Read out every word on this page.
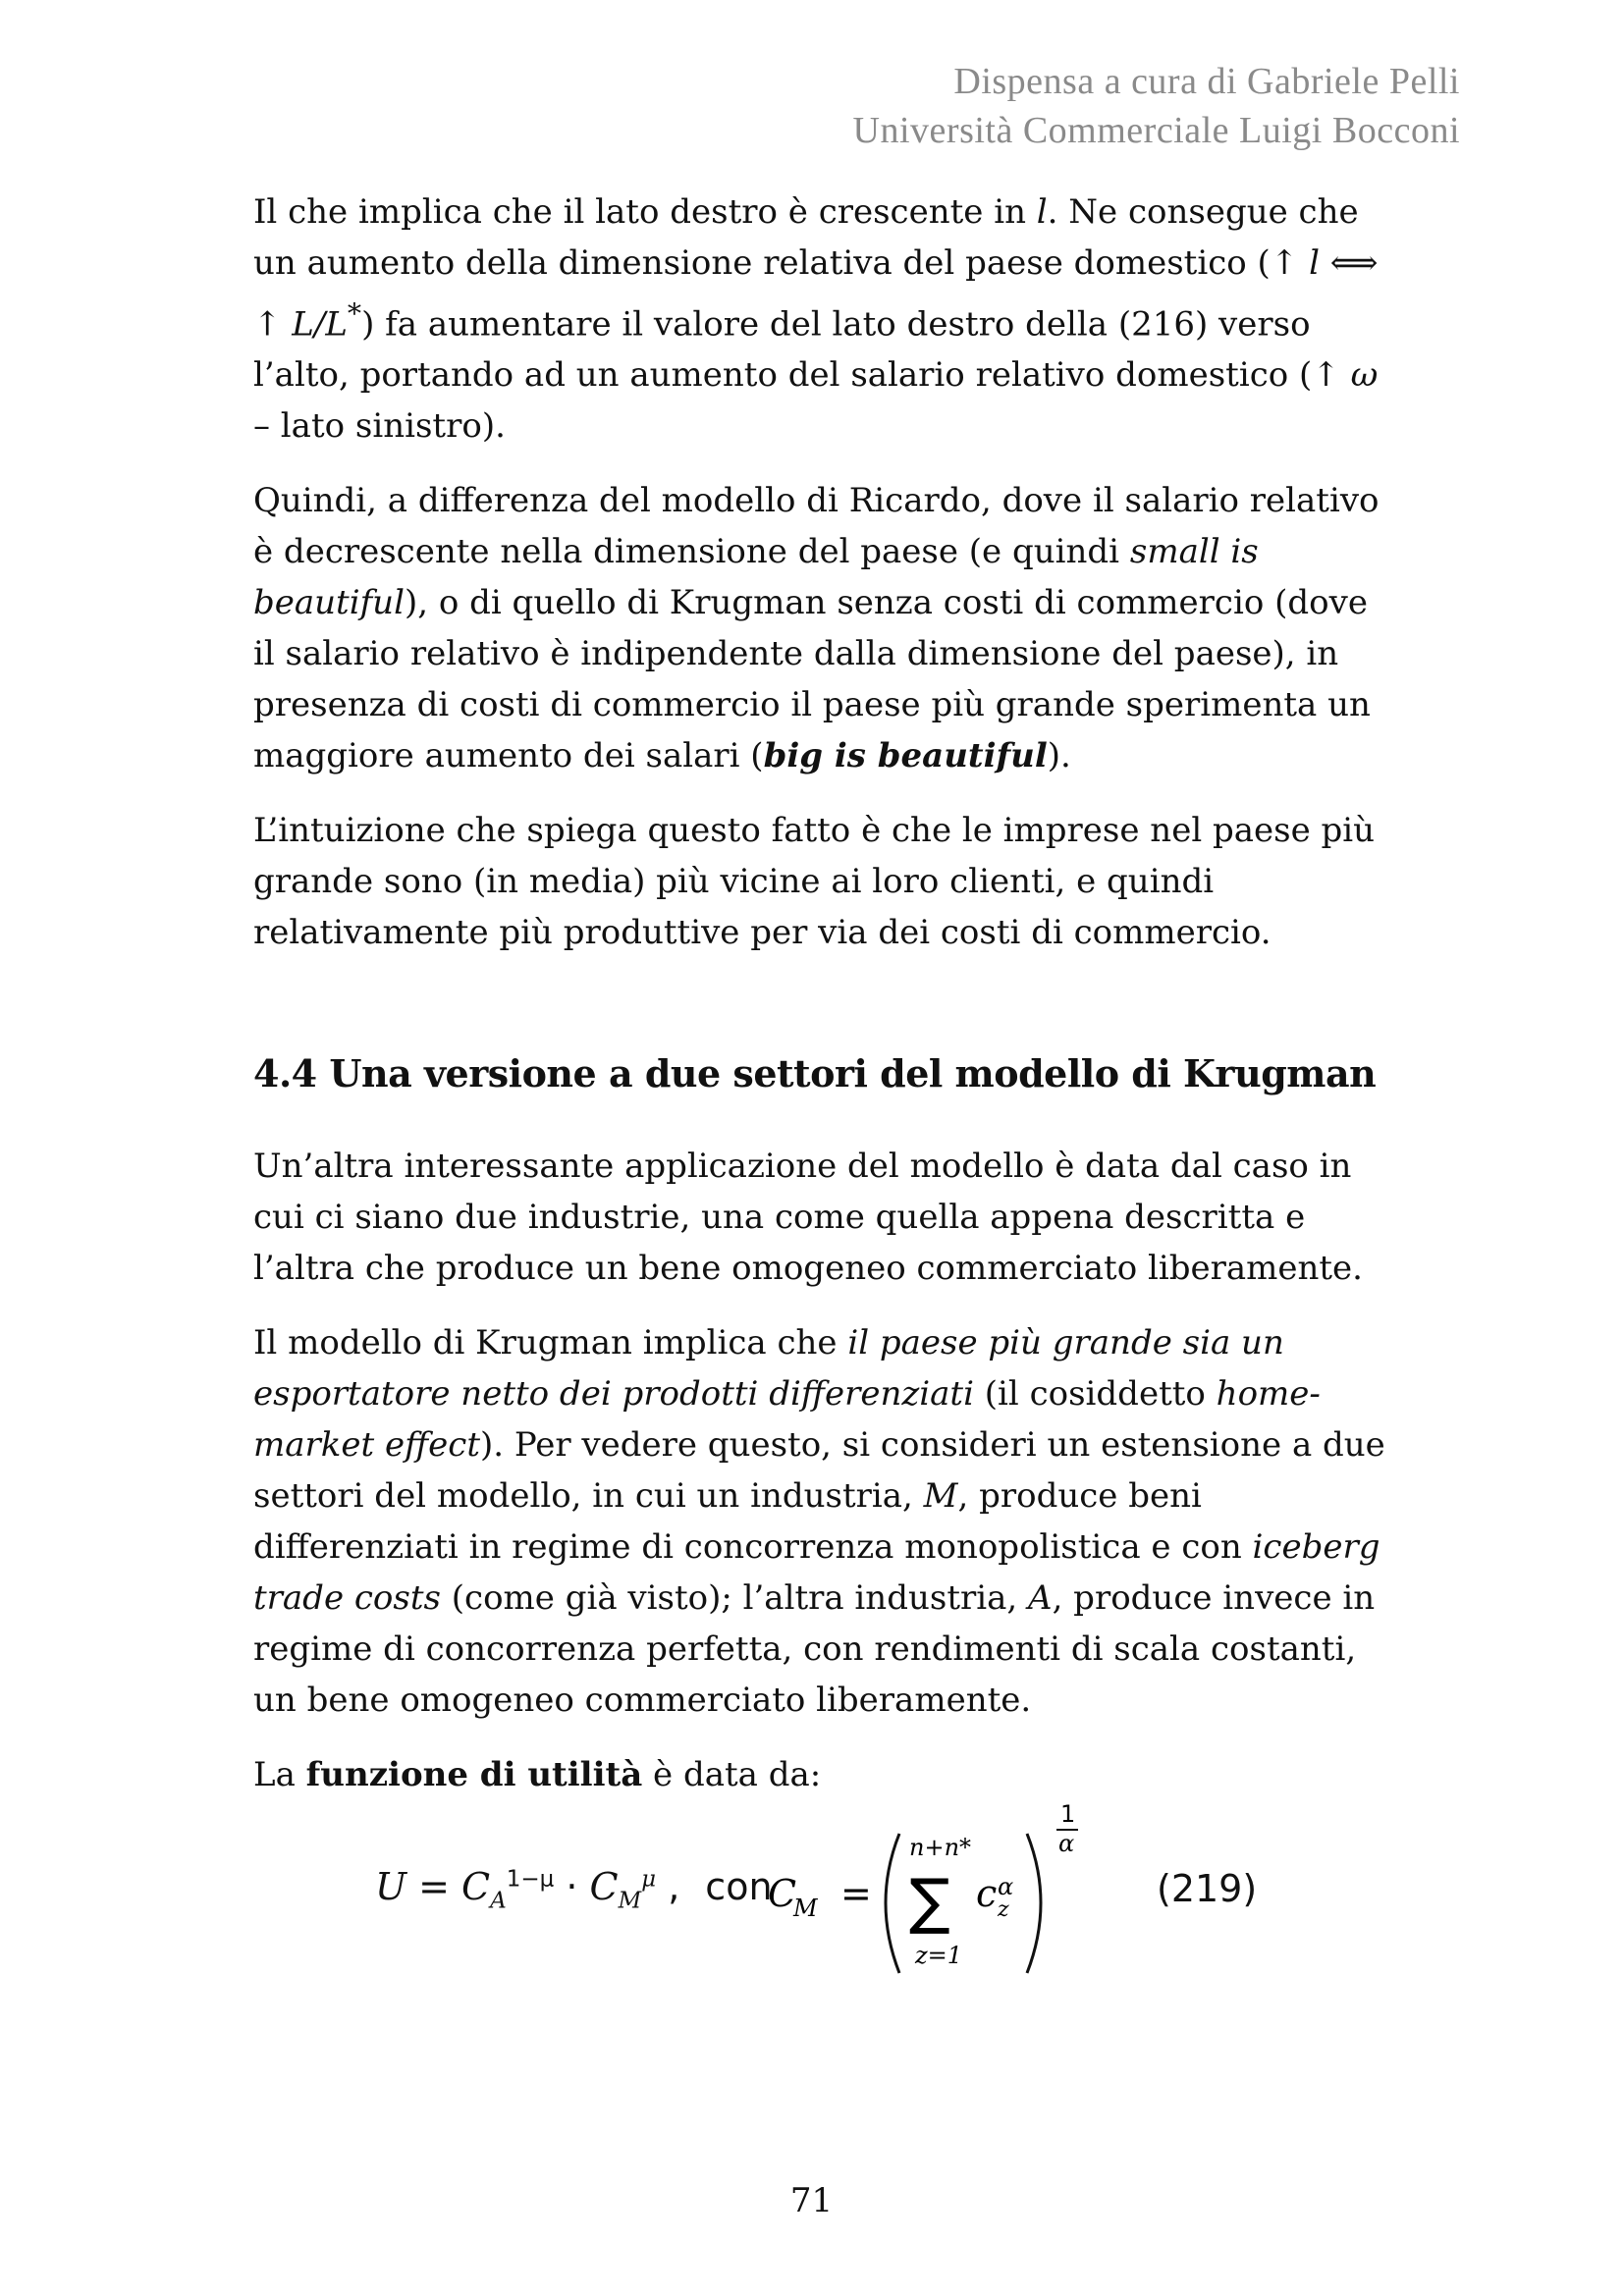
Dispensa a cura di Gabriele Pelli
Università Commerciale Luigi Bocconi

Il che implica che il lato destro è crescente in l. Ne consegue che un aumento della dimensione relativa del paese domestico (↑ l ⟺ ↑ L/L*) fa aumentare il valore del lato destro della (216) verso l’alto, portando ad un aumento del salario relativo domestico (↑ ω – lato sinistro).

Quindi, a differenza del modello di Ricardo, dove il salario relativo è decrescente nella dimensione del paese (e quindi small is beautiful), o di quello di Krugman senza costi di commercio (dove il salario relativo è indipendente dalla dimensione del paese), in presenza di costi di commercio il paese più grande sperimenta un maggiore aumento dei salari (big is beautiful).

L’intuizione che spiega questo fatto è che le imprese nel paese più grande sono (in media) più vicine ai loro clienti, e quindi relativamente più produttive per via dei costi di commercio.

4.4 Una versione a due settori del modello di Krugman

Un’altra interessante applicazione del modello è data dal caso in cui ci siano due industrie, una come quella appena descritta e l’altra che produce un bene omogeneo commerciato liberamente.

Il modello di Krugman implica che il paese più grande sia un esportatore netto dei prodotti differenziati (il cosiddetto home-market effect). Per vedere questo, si consideri un estensione a due settori del modello, in cui un industria, M, produce beni differenziati in regime di concorrenza monopolistica e con iceberg trade costs (come già visto); l’altra industria, A, produce invece in regime di concorrenza perfetta, con rendimenti di scala costanti, un bene omogeneo commerciato liberamente.

La funzione di utilità è data da:

$U = C_A^{1-\mu} \cdot C_M^\mu$ , con
C
M =
n+n*
∑
z=1
c α
z
1
α
(219)
71
